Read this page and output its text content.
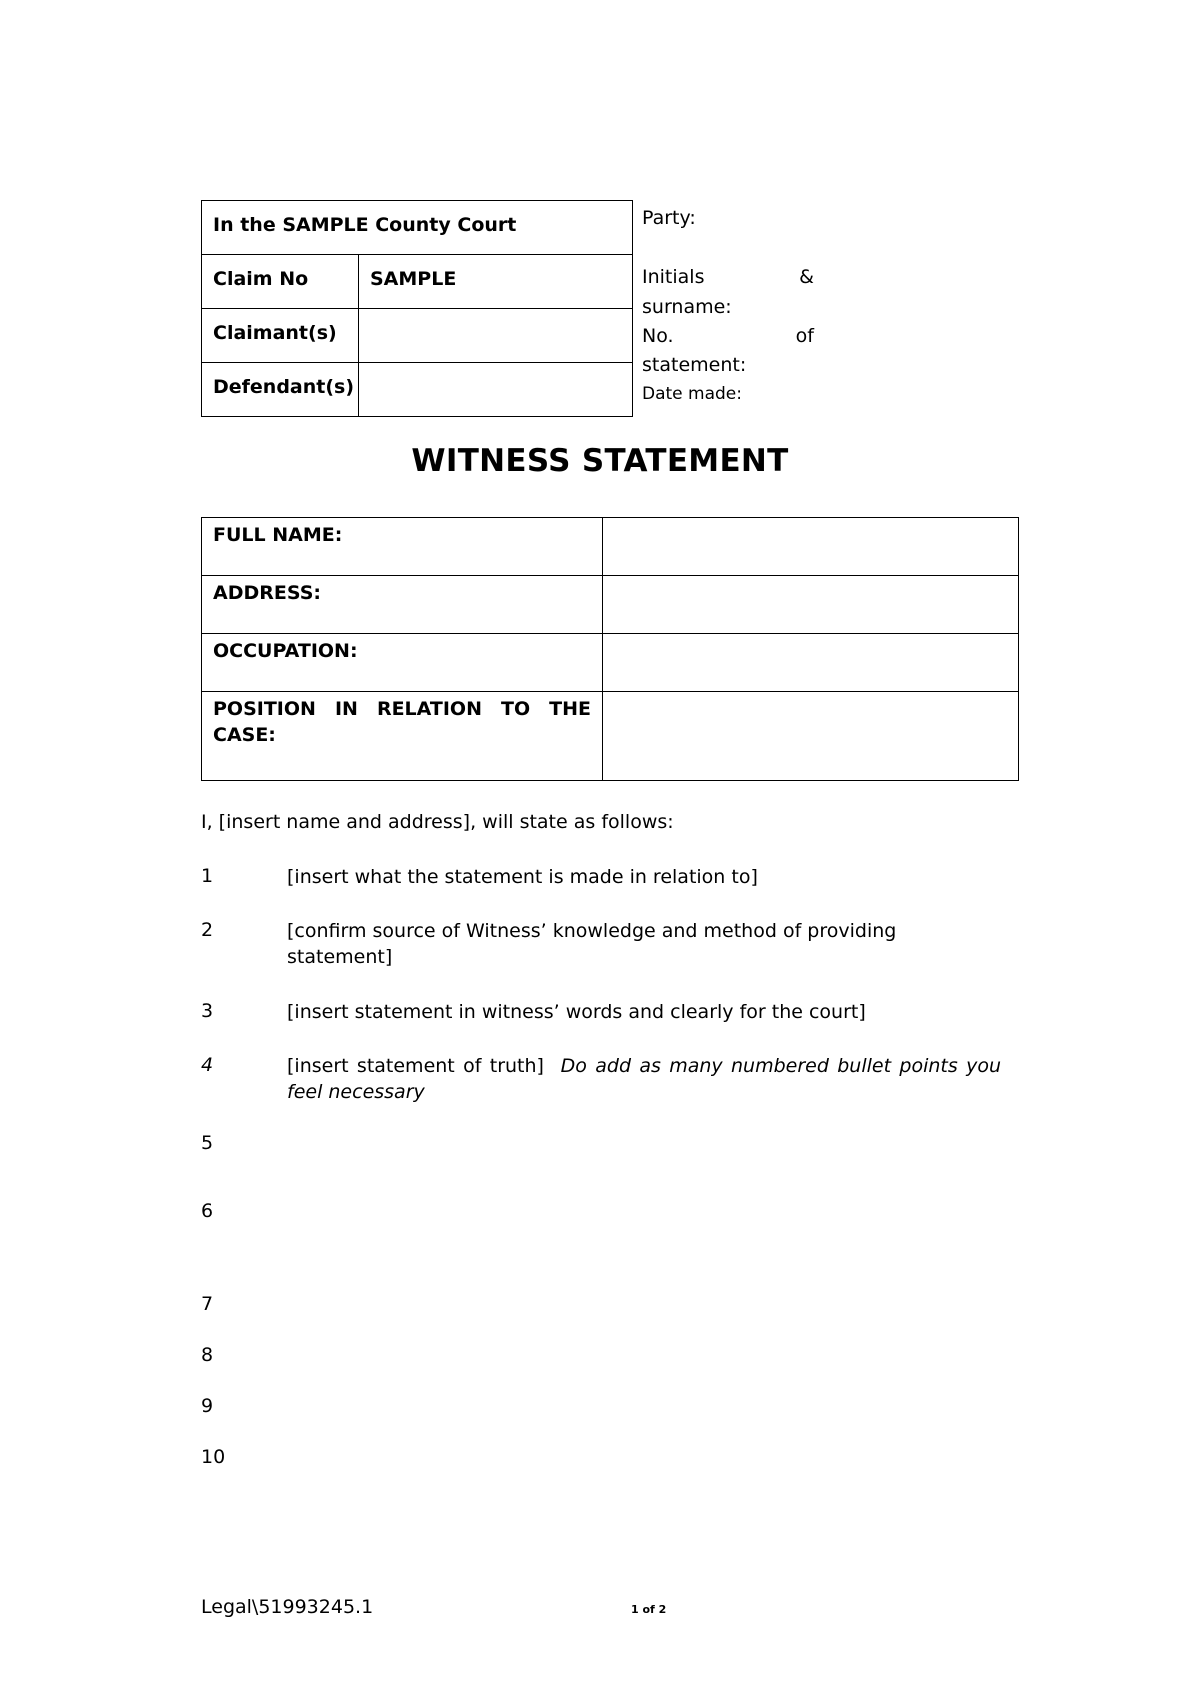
In the SAMPLE County Court	
Claim No	SAMPLE
Claimant(s)	
Defendant(s)	
Party:
Initials	&
surname:
No.	of
statement:
Date made:
WITNESS STATEMENT
FULL NAME:	
ADDRESS:	
OCCUPATION:	

POSITION IN RELATION TO THE
CASE:	

I, [insert name and address], will state as follows:
1	[insert what the statement is made in relation to]
2	[confirm source of Witness’ knowledge and method of providing statement]
3	[insert statement in witness’ words and clearly for the court]
4	[insert statement of truth] Do add as many numbered bullet points you feel necessary
5
6
7
8
9
10
Legal\51993245.1	1 of 2
